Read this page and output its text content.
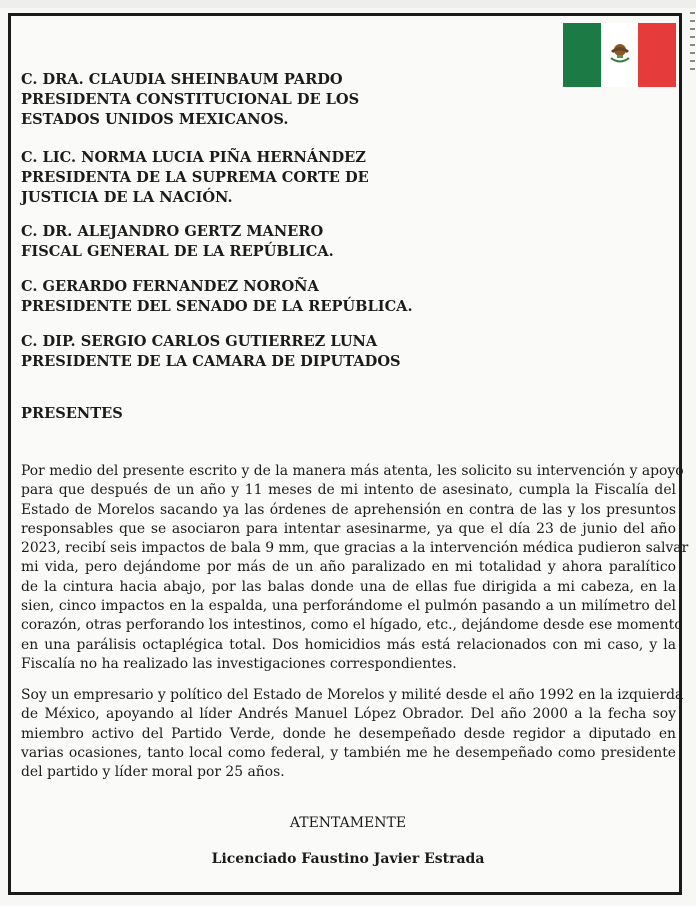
C. DRA. CLAUDIA SHEINBAUM PARDO
PRESIDENTA CONSTITUCIONAL DE LOS
ESTADOS UNIDOS MEXICANOS.
C. LIC. NORMA LUCIA PIÑA HERNÁNDEZ
PRESIDENTA DE LA SUPREMA CORTE DE
JUSTICIA DE LA NACIÓN.
C. DR. ALEJANDRO GERTZ MANERO
FISCAL GENERAL DE LA REPÚBLICA.
C. GERARDO FERNANDEZ NOROÑA
PRESIDENTE DEL SENADO DE LA REPÚBLICA.
C. DIP. SERGIO CARLOS GUTIERREZ LUNA
PRESIDENTE DE LA CAMARA DE DIPUTADOS
PRESENTES
Por medio del presente escrito y de la manera más atenta, les solicito su intervención y apoyo
para que después de un año y 11 meses de mi intento de asesinato, cumpla la Fiscalía del
Estado de Morelos sacando ya las órdenes de aprehensión en contra de las y los presuntos
responsables que se asociaron para intentar asesinarme, ya que el día 23 de junio del año
2023, recibí seis impactos de bala 9 mm, que gracias a la intervención médica pudieron salvar
mi vida, pero dejándome por más de un año paralizado en mi totalidad y ahora paralítico
de la cintura hacia abajo, por las balas donde una de ellas fue dirigida a mi cabeza, en la
sien, cinco impactos en la espalda, una perforándome el pulmón pasando a un milímetro del
corazón, otras perforando los intestinos, como el hígado, etc., dejándome desde ese momento
en una parálisis octaplégica total. Dos homicidios más está relacionados con mi caso, y la
Fiscalía no ha realizado las investigaciones correspondientes.
Soy un empresario y político del Estado de Morelos y milité desde el año 1992 en la izquierda
de México, apoyando al líder Andrés Manuel López Obrador. Del año 2000 a la fecha soy
miembro activo del Partido Verde, donde he desempeñado desde regidor a diputado en
varias ocasiones, tanto local como federal, y también me he desempeñado como presidente
del partido y líder moral por 25 años.
ATENTAMENTE
Licenciado Faustino Javier Estrada
